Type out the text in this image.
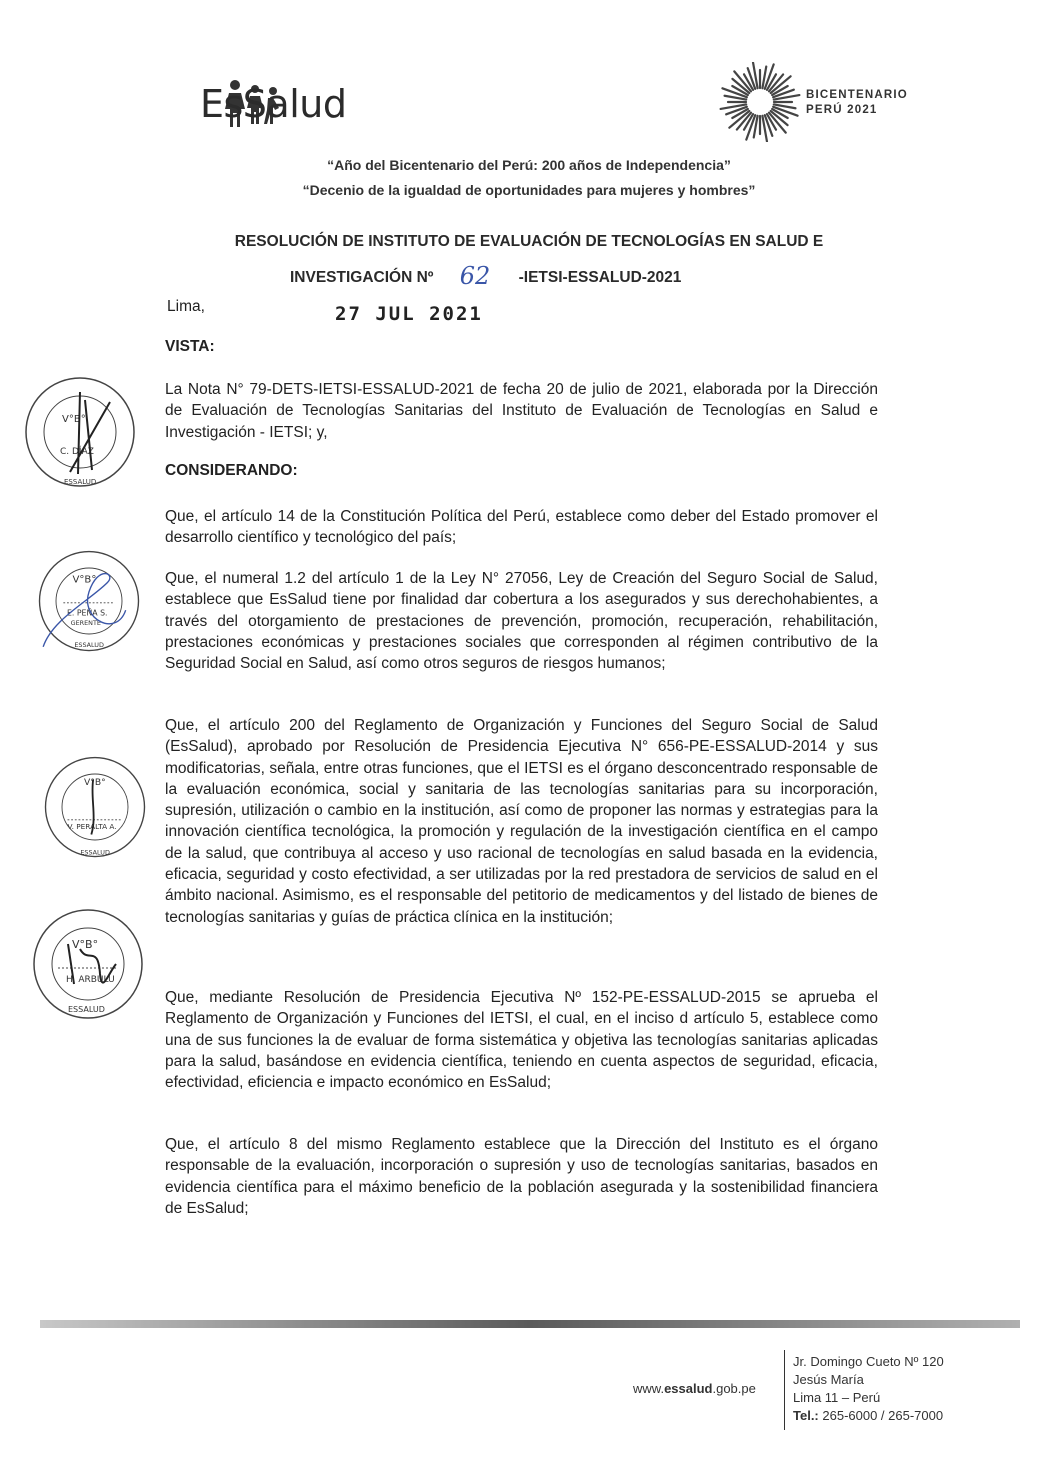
EsSalud	BICENTENARIO
PERÚ 2021
“Año del Bicentenario del Perú: 200 años de Independencia”
“Decenio de la igualdad de oportunidades para mujeres y hombres”
RESOLUCIÓN DE INSTITUTO DE EVALUACIÓN DE TECNOLOGÍAS EN SALUD E
INVESTIGACIÓN Nº 62 -IETSI-ESSALUD-2021
Lima,	27 JUL 2021
VISTA:
La Nota N° 79-DETS-IETSI-ESSALUD-2021 de fecha 20 de julio de 2021, elaborada por la Dirección de Evaluación de Tecnologías Sanitarias del Instituto de Evaluación de Tecnologías en Salud e Investigación - IETSI; y,
CONSIDERANDO:
Que, el artículo 14 de la Constitución Política del Perú, establece como deber del Estado promover el desarrollo científico y tecnológico del país;
Que, el numeral 1.2 del artículo 1 de la Ley N° 27056, Ley de Creación del Seguro Social de Salud, establece que EsSalud tiene por finalidad dar cobertura a los asegurados y sus derechohabientes, a través del otorgamiento de prestaciones de prevención, promoción, recuperación, rehabilitación, prestaciones económicas y prestaciones sociales que corresponden al régimen contributivo de la Seguridad Social en Salud, así como otros seguros de riesgos humanos;
Que, el artículo 200 del Reglamento de Organización y Funciones del Seguro Social de Salud (EsSalud), aprobado por Resolución de Presidencia Ejecutiva N° 656-PE-ESSALUD-2014 y sus modificatorias, señala, entre otras funciones, que el IETSI es el órgano desconcentrado responsable de la evaluación económica, social y sanitaria de las tecnologías sanitarias para su incorporación, supresión, utilización o cambio en la institución, así como de proponer las normas y estrategias para la innovación científica tecnológica, la promoción y regulación de la investigación científica en el campo de la salud, que contribuya al acceso y uso racional de tecnologías en salud basada en la evidencia, eficacia, seguridad y costo efectividad, a ser utilizadas por la red prestadora de servicios de salud en el ámbito nacional. Asimismo, es el responsable del petitorio de medicamentos y del listado de bienes de tecnologías sanitarias y guías de práctica clínica en la institución;
Que, mediante Resolución de Presidencia Ejecutiva Nº 152-PE-ESSALUD-2015 se aprueba el Reglamento de Organización y Funciones del IETSI, el cual, en el inciso d artículo 5, establece como una de sus funciones la de evaluar de forma sistemática y objetiva las tecnologías sanitarias aplicadas para la salud, basándose en evidencia científica, teniendo en cuenta aspectos de seguridad, eficacia, efectividad, eficiencia e impacto económico en EsSalud;
Que, el artículo 8 del mismo Reglamento establece que la Dirección del Instituto es el órgano responsable de la evaluación, incorporación o supresión y uso de tecnologías sanitarias, basados en evidencia científica para el máximo beneficio de la población asegurada y la sostenibilidad financiera de EsSalud;
V°B°
C. DÍAZ
ESSALUD
V°B°
E. PEÑA S.
GERENTE
ESSALUD
V°B°
V. PERALTA A.
ESSALUD
V°B°
H. ARBULU
ESSALUD
www.essalud.gob.pe
Jr. Domingo Cueto Nº 120
Jesús María
Lima 11 – Perú
Tel.: 265-6000 / 265-7000
